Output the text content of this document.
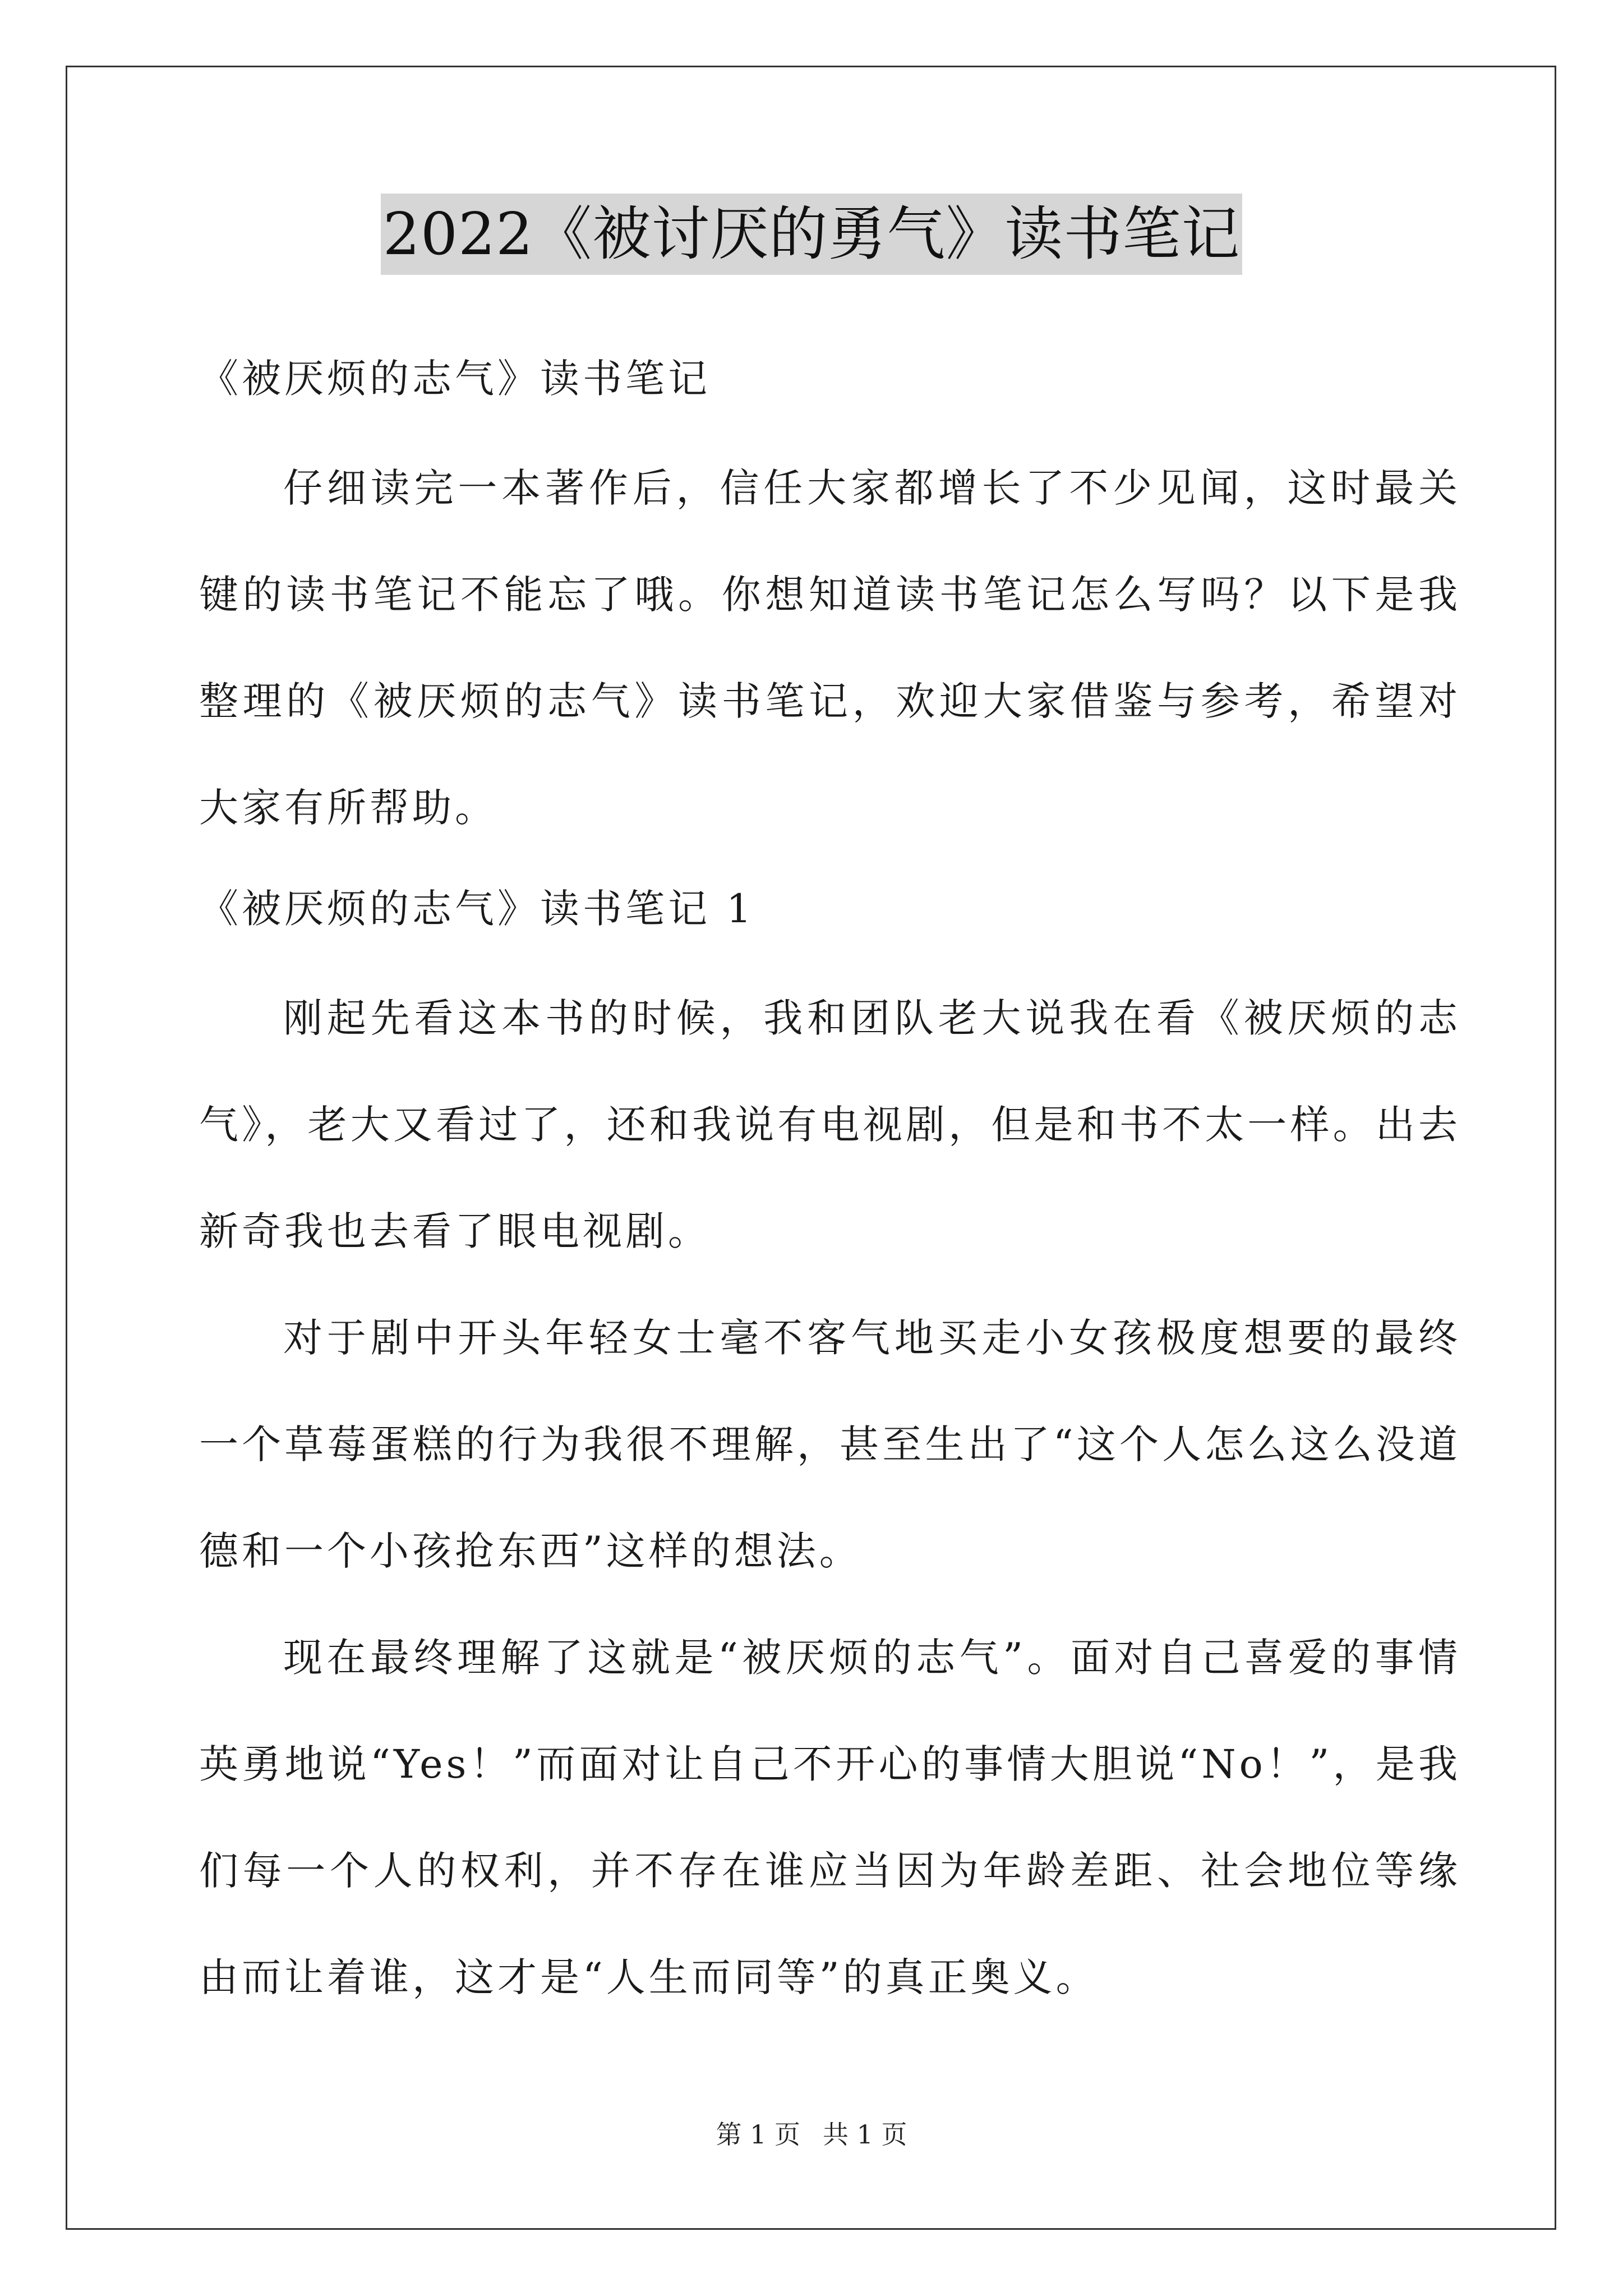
2022《被讨厌的勇气》读书笔记
《被厌烦的志气》读书笔记

仔细读完一本著作后，信任大家都增长了不少见闻，这时最关键的读书笔记不能忘了哦。你想知道读书笔记怎么写吗？以下是我整理的《被厌烦的志气》读书笔记，欢迎大家借鉴与参考，希望对大家有所帮助。

《被厌烦的志气》读书笔记 1

刚起先看这本书的时候，我和团队老大说我在看《被厌烦的志气》，老大又看过了，还和我说有电视剧，但是和书不太一样。出去新奇我也去看了眼电视剧。

对于剧中开头年轻女士毫不客气地买走小女孩极度想要的最终一个草莓蛋糕的行为我很不理解，甚至生出了“这个人怎么这么没道德和一个小孩抢东西”这样的想法。

现在最终理解了这就是“被厌烦的志气”。面对自己喜爱的事情英勇地说“Yes！”而面对让自己不开心的事情大胆说“No！”，是我们每一个人的权利，并不存在谁应当因为年龄差距、社会地位等缘由而让着谁，这才是“人生而同等”的真正奥义。

第 1 页 共 1 页
